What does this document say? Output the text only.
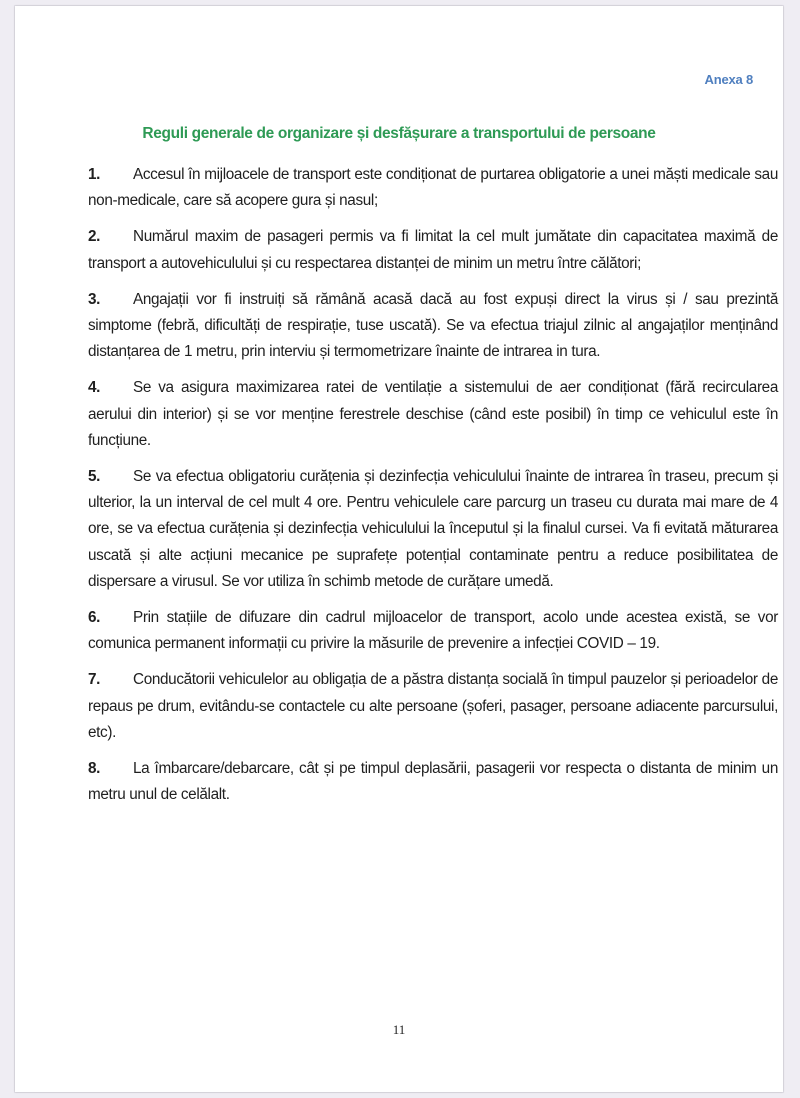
Anexa 8
Reguli generale de organizare și desfășurare a transportului de persoane

1. Accesul în mijloacele de transport este condiționat de purtarea obligatorie a unei măști medicale sau non-medicale, care să acopere gura și nasul;

2. Numărul maxim de pasageri permis va fi limitat la cel mult jumătate din capacitatea maximă de transport a autovehiculului și cu respectarea distanței de minim un metru între călători;

3. Angajații vor fi instruiți să rămână acasă dacă au fost expuși direct la virus și / sau prezintă simptome (febră, dificultăți de respirație, tuse uscată). Se va efectua triajul zilnic al angajaților menținând distanțarea de 1 metru, prin interviu și termometrizare înainte de intrarea in tura.

4. Se va asigura maximizarea ratei de ventilație a sistemului de aer condiționat (fără recircularea aerului din interior) și se vor menține ferestrele deschise (când este posibil) în timp ce vehiculul este în funcțiune.

5. Se va efectua obligatoriu curățenia și dezinfecția vehiculului înainte de intrarea în traseu, precum și ulterior, la un interval de cel mult 4 ore. Pentru vehiculele care parcurg un traseu cu durata mai mare de 4 ore, se va efectua curățenia și dezinfecția vehiculului la începutul și la finalul cursei. Va fi evitată măturarea uscată și alte acțiuni mecanice pe suprafețe potențial contaminate pentru a reduce posibilitatea de dispersare a virusul. Se vor utiliza în schimb metode de curățare umedă.

6. Prin stațiile de difuzare din cadrul mijloacelor de transport, acolo unde acestea există, se vor comunica permanent informații cu privire la măsurile de prevenire a infecției COVID – 19.

7. Conducătorii vehiculelor au obligația de a păstra distanța socială în timpul pauzelor și perioadelor de repaus pe drum, evitându-se contactele cu alte persoane (șoferi, pasager, persoane adiacente parcursului, etc).

8. La îmbarcare/debarcare, cât și pe timpul deplasării, pasagerii vor respecta o distanta de minim un metru unul de celălalt.

11
